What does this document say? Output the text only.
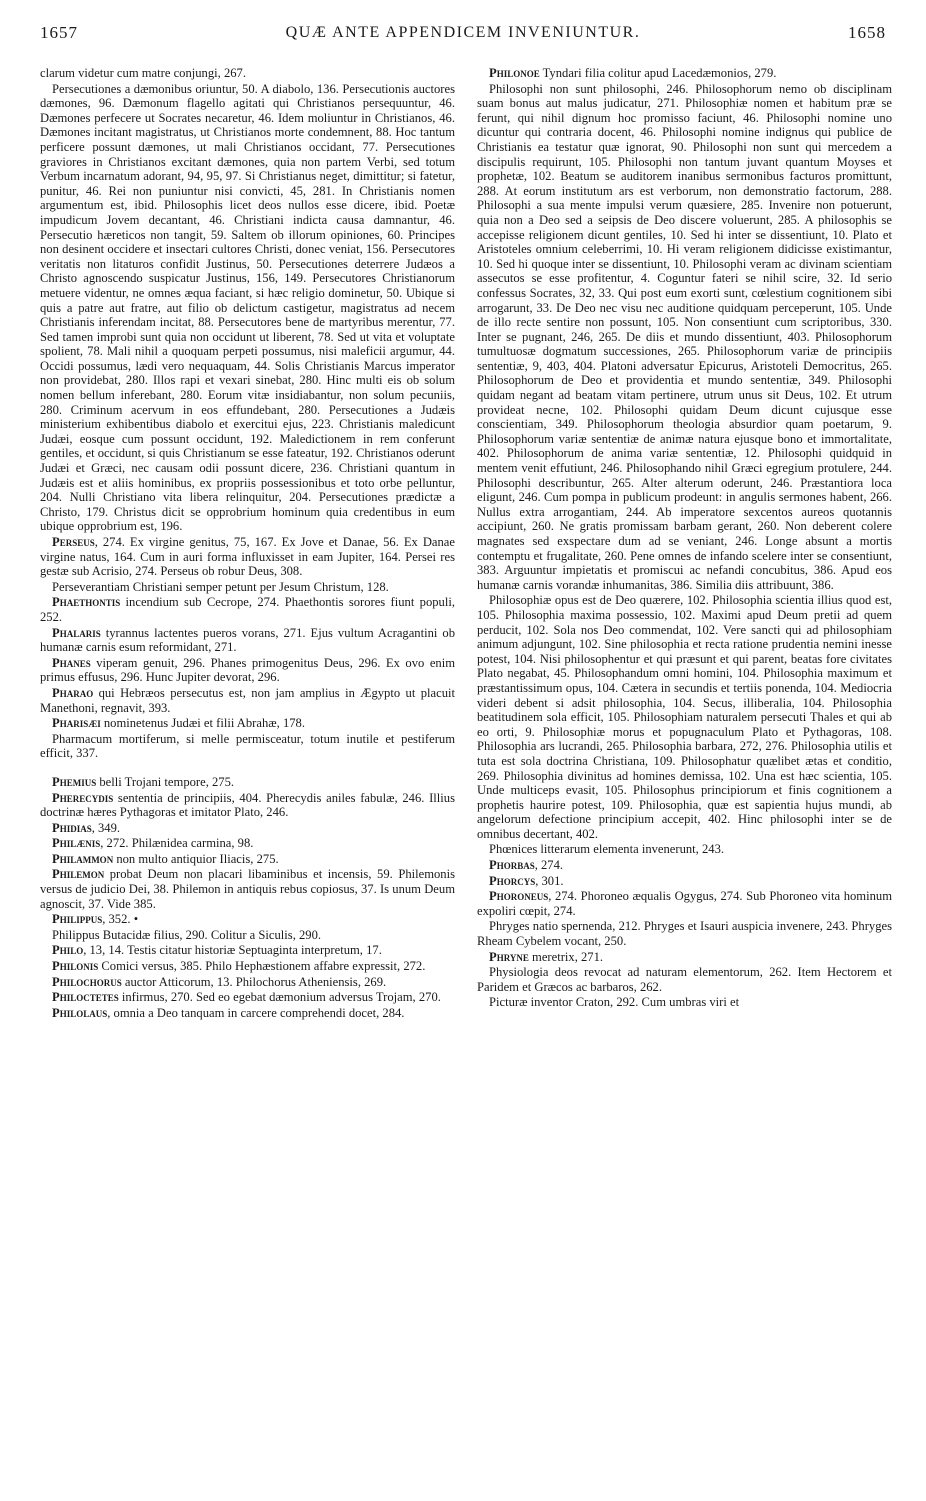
1657	QUÆ ANTE APPENDICEM INVENIUNTUR.	1658

clarum videtur cum matre conjungi, 267.

Persecutiones a dæmonibus oriuntur, 50. A diabolo, 136. Persecutionis auctores dæmones, 96. Dæmonum flagello agitati qui Christianos persequuntur, 46. Dæmones perfecere ut Socrates necaretur, 46. Idem moliuntur in Christianos, 46. Dæmones incitant magistratus, ut Christianos morte condemnent, 88. Hoc tantum perficere possunt dæmones, ut mali Christianos occidant, 77. Persecutiones graviores in Christianos excitant dæmones, quia non partem Verbi, sed totum Verbum incarnatum adorant, 94, 95, 97. Si Christianus neget, dimittitur; si fatetur, punitur, 46. Rei non puniuntur nisi convicti, 45, 281. In Christianis nomen argumentum est, ibid. Philosophis licet deos nullos esse dicere, ibid. Poetæ impudicum Jovem decantant, 46. Christiani indicta causa damnantur, 46. Persecutio hæreticos non tangit, 59. Saltem ob illorum opiniones, 60. Principes non desinent occidere et insectari cultores Christi, donec veniat, 156. Persecutores veritatis non litaturos confidit Justinus, 50. Persecutiones deterrere Judæos a Christo agnoscendo suspicatur Justinus, 156, 149. Persecutores Christianorum metuere videntur, ne omnes æqua faciant, si hæc religio dominetur, 50. Ubique si quis a patre aut fratre, aut filio ob delictum castigetur, magistratus ad necem Christianis inferendam incitat, 88. Persecutores bene de martyribus merentur, 77. Sed tamen improbi sunt quia non occidunt ut liberent, 78. Sed ut vita et voluptate spolient, 78. Mali nihil a quoquam perpeti possumus, nisi maleficii argumur, 44. Occidi possumus, lædi vero nequaquam, 44. Solis Christianis Marcus imperator non providebat, 280. Illos rapi et vexari sinebat, 280. Hinc multi eis ob solum nomen bellum inferebant, 280. Eorum vitæ insidiabantur, non solum pecuniis, 280. Criminum acervum in eos effundebant, 280. Persecutiones a Judæis ministerium exhibentibus diabolo et exercitui ejus, 223. Christianis maledicunt Judæi, eosque cum possunt occidunt, 192. Maledictionem in rem conferunt gentiles, et occidunt, si quis Christianum se esse fateatur, 192. Christianos oderunt Judæi et Græci, nec causam odii possunt dicere, 236. Christiani quantum in Judæis est et aliis hominibus, ex propriis possessionibus et toto orbe pelluntur, 204. Nulli Christiano vita libera relinquitur, 204. Persecutiones prædictæ a Christo, 179. Christus dicit se opprobrium hominum quia credentibus in eum ubique opprobrium est, 196.

Perseus, 274. Ex virgine genitus, 75, 167. Ex Jove et Danae, 56. Ex Danae virgine natus, 164. Cum in auri forma influxisset in eam Jupiter, 164. Persei res gestæ sub Acrisio, 274. Perseus ob robur Deus, 308.

Perseverantiam Christiani semper petunt per Jesum Christum, 128.

Phaethontis incendium sub Cecrope, 274. Phaethontis sorores fiunt populi, 252.

Phalaris tyrannus lactentes pueros vorans, 271. Ejus vultum Acragantini ob humanæ carnis esum reformidant, 271.

Phanes viperam genuit, 296. Phanes primogenitus Deus, 296. Ex ovo enim primus effusus, 296. Hunc Jupiter devorat, 296.

Pharao qui Hebræos persecutus est, non jam amplius in Ægypto ut placuit Manethoni, regnavit, 393.

Pharisæi nominetenus Judæi et filii Abrahæ, 178.

Pharmacum mortiferum, si melle permisceatur, totum inutile et pestiferum efficit, 337.

Phemius belli Trojani tempore, 275.

Pherecydis sententia de principiis, 404. Pherecydis aniles fabulæ, 246. Illius doctrinæ hæres Pythagoras et imitator Plato, 246.

Phidias, 349.

Philænis, 272. Philænidea carmina, 98.

Philammon non multo antiquior Iliacis, 275.

Philemon probat Deum non placari libaminibus et incensis, 59. Philemonis versus de judicio Dei, 38. Philemon in antiquis rebus copiosus, 37. Is unum Deum agnoscit, 37. Vide 385.

Philippus, 352. •

Philippus Butacidæ filius, 290. Colitur a Siculis, 290.

Philo, 13, 14. Testis citatur historiæ Septuaginta interpretum, 17.

Philonis Comici versus, 385. Philo Hephæstionem affabre expressit, 272.

Philochorus auctor Atticorum, 13. Philochorus Atheniensis, 269.

Philoctetes infirmus, 270. Sed eo egebat dæmonium adversus Trojam, 270.

Philolaus, omnia a Deo tanquam in carcere comprehendi docet, 284.

Philonoe Tyndari filia colitur apud Lacedæmonios, 279.

Philosophi non sunt philosophi, 246. Philosophorum nemo ob disciplinam suam bonus aut malus judicatur, 271. Philosophiæ nomen et habitum præ se ferunt, qui nihil dignum hoc promisso faciunt, 46. Philosophi nomine uno dicuntur qui contraria docent, 46. Philosophi nomine indignus qui publice de Christianis ea testatur quæ ignorat, 90. Philosophi non sunt qui mercedem a discipulis requirunt, 105. Philosophi non tantum juvant quantum Moyses et prophetæ, 102. Beatum se auditorem inanibus sermonibus facturos promittunt, 288. At eorum institutum ars est verborum, non demonstratio factorum, 288. Philosophi a sua mente impulsi verum quæsiere, 285. Invenire non potuerunt, quia non a Deo sed a seipsis de Deo discere voluerunt, 285. A philosophis se accepisse religionem dicunt gentiles, 10. Sed hi inter se dissentiunt, 10. Plato et Aristoteles omnium celeberrimi, 10. Hi veram religionem didicisse existimantur, 10. Sed hi quoque inter se dissentiunt, 10. Philosophi veram ac divinam scientiam assecutos se esse profitentur, 4. Coguntur fateri se nihil scire, 32. Id serio confessus Socrates, 32, 33. Qui post eum exorti sunt, cœlestium cognitionem sibi arrogarunt, 33. De Deo nec visu nec auditione quidquam perceperunt, 105. Unde de illo recte sentire non possunt, 105. Non consentiunt cum scriptoribus, 330. Inter se pugnant, 246, 265. De diis et mundo dissentiunt, 403. Philosophorum tumultuosæ dogmatum successiones, 265. Philosophorum variæ de principiis sententiæ, 9, 403, 404. Platoni adversatur Epicurus, Aristoteli Democritus, 265. Philosophorum de Deo et providentia et mundo sententiæ, 349. Philosophi quidam negant ad beatam vitam pertinere, utrum unus sit Deus, 102. Et utrum provideat necne, 102. Philosophi quidam Deum dicunt cujusque esse conscientiam, 349. Philosophorum theologia absurdior quam poetarum, 9. Philosophorum variæ sententiæ de animæ natura ejusque bono et immortalitate, 402. Philosophorum de anima variæ sententiæ, 12. Philosophi quidquid in mentem venit effutiunt, 246. Philosophando nihil Græci egregium protulere, 244. Philosophi describuntur, 265. Alter alterum oderunt, 246. Præstantiora loca eligunt, 246. Cum pompa in publicum prodeunt: in angulis sermones habent, 266. Nullus extra arrogantiam, 244. Ab imperatore sexcentos aureos quotannis accipiunt, 260. Ne gratis promissam barbam gerant, 260. Non deberent colere magnates sed exspectare dum ad se veniant, 246. Longe absunt a mortis contemptu et frugalitate, 260. Pene omnes de infando scelere inter se consentiunt, 383. Arguuntur impietatis et promiscui ac nefandi concubitus, 386. Apud eos humanæ carnis vorandæ inhumanitas, 386. Similia diis attribuunt, 386.

Philosophiæ opus est de Deo quærere, 102. Philosophia scientia illius quod est, 105. Philosophia maxima possessio, 102. Maximi apud Deum pretii ad quem perducit, 102. Sola nos Deo commendat, 102. Vere sancti qui ad philosophiam animum adjungunt, 102. Sine philosophia et recta ratione prudentia nemini inesse potest, 104. Nisi philosophentur et qui præsunt et qui parent, beatas fore civitates Plato negabat, 45. Philosophandum omni homini, 104. Philosophia maximum et præstantissimum opus, 104. Cætera in secundis et tertiis ponenda, 104. Mediocria videri debent si adsit philosophia, 104. Secus, illiberalia, 104. Philosophia beatitudinem sola efficit, 105. Philosophiam naturalem persecuti Thales et qui ab eo orti, 9. Philosophiæ morus et popugnaculum Plato et Pythagoras, 108. Philosophia ars lucrandi, 265. Philosophia barbara, 272, 276. Philosophia utilis et tuta est sola doctrina Christiana, 109. Philosophatur quælibet ætas et conditio, 269. Philosophia divinitus ad homines demissa, 102. Una est hæc scientia, 105. Unde multiceps evasit, 105. Philosophus principiorum et finis cognitionem a prophetis haurire potest, 109. Philosophia, quæ est sapientia hujus mundi, ab angelorum defectione principium accepit, 402. Hinc philosophi inter se de omnibus decertant, 402.

Phœnices litterarum elementa invenerunt, 243.

Phorbas, 274.

Phorcys, 301.

Phoroneus, 274. Phoroneo æqualis Ogygus, 274. Sub Phoroneo vita hominum expoliri cœpit, 274.

Phryges natio spernenda, 212. Phryges et Isauri auspicia invenere, 243. Phryges Rheam Cybelem vocant, 250.

Phryne meretrix, 271.

Physiologia deos revocat ad naturam elementorum, 262. Item Hectorem et Paridem et Græcos ac barbaros, 262.

Picturæ inventor Craton, 292. Cum umbras viri et
